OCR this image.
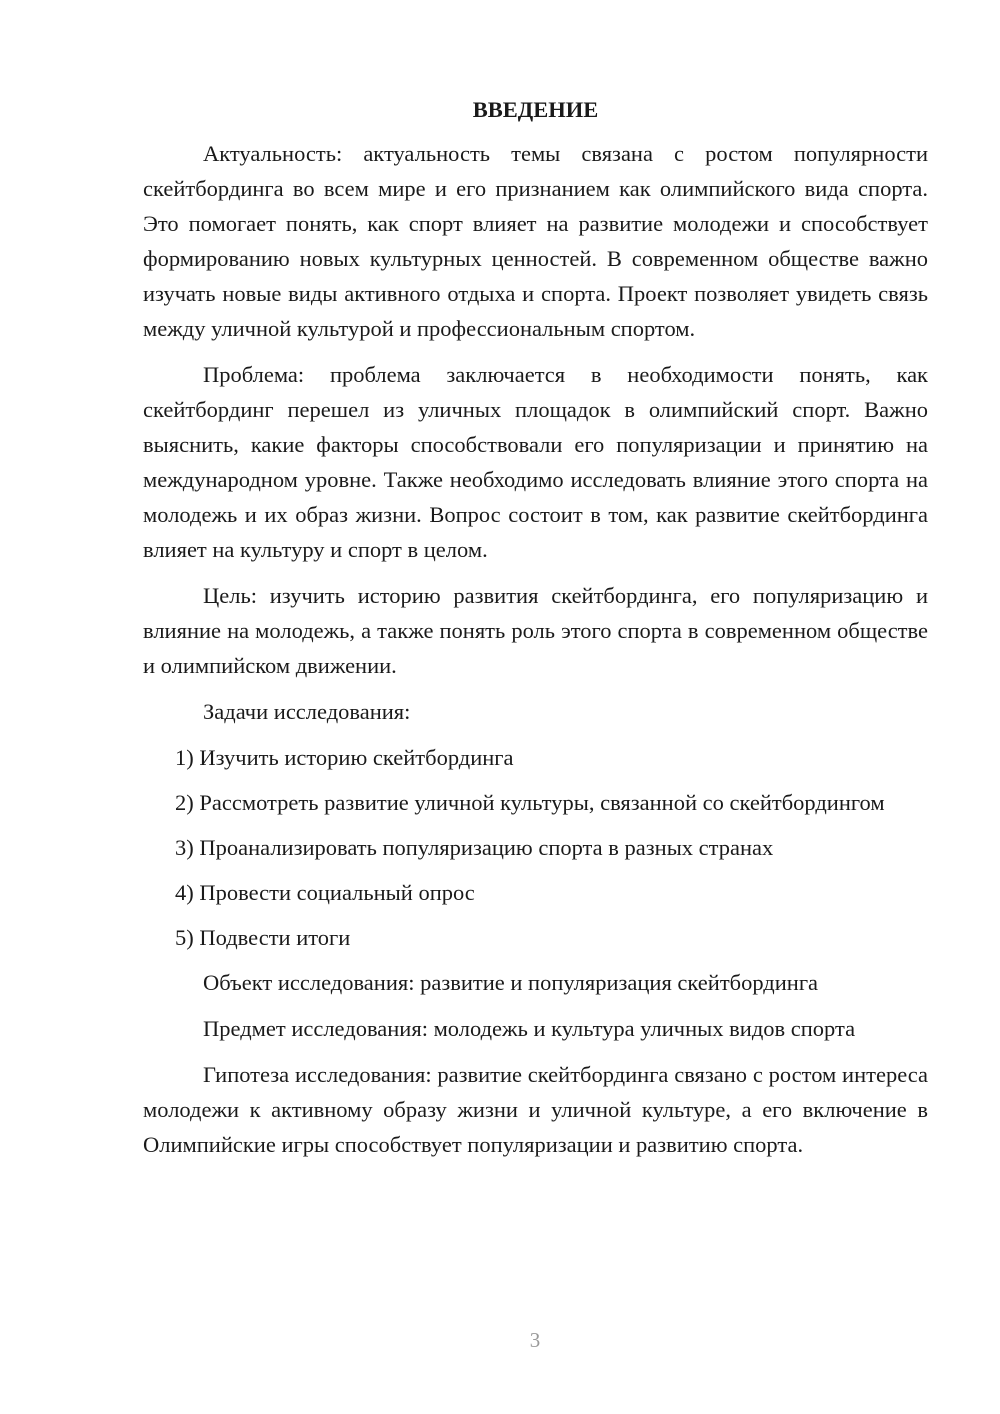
ВВЕДЕНИЕ

Актуальность: актуальность темы связана с ростом популярности скейтбординга во всем мире и его признанием как олимпийского вида спорта. Это помогает понять, как спорт влияет на развитие молодежи и способствует формированию новых культурных ценностей. В современном обществе важно изучать новые виды активного отдыха и спорта. Проект позволяет увидеть связь между уличной культурой и профессиональным спортом.

Проблема: проблема заключается в необходимости понять, как скейтбординг перешел из уличных площадок в олимпийский спорт. Важно выяснить, какие факторы способствовали его популяризации и принятию на международном уровне. Также необходимо исследовать влияние этого спорта на молодежь и их образ жизни. Вопрос состоит в том, как развитие скейтбординга влияет на культуру и спорт в целом.

Цель: изучить историю развития скейтбординга, его популяризацию и влияние на молодежь, а также понять роль этого спорта в современном обществе и олимпийском движении.

Задачи исследования:

1) Изучить историю скейтбординга

2) Рассмотреть развитие уличной культуры, связанной со скейтбордингом

3) Проанализировать популяризацию спорта в разных странах

4) Провести социальный опрос

5) Подвести итоги

Объект исследования: развитие и популяризация скейтбординга

Предмет исследования: молодежь и культура уличных видов спорта

Гипотеза исследования: развитие скейтбординга связано с ростом интереса молодежи к активному образу жизни и уличной культуре, а его включение в Олимпийские игры способствует популяризации и развитию спорта.

3
